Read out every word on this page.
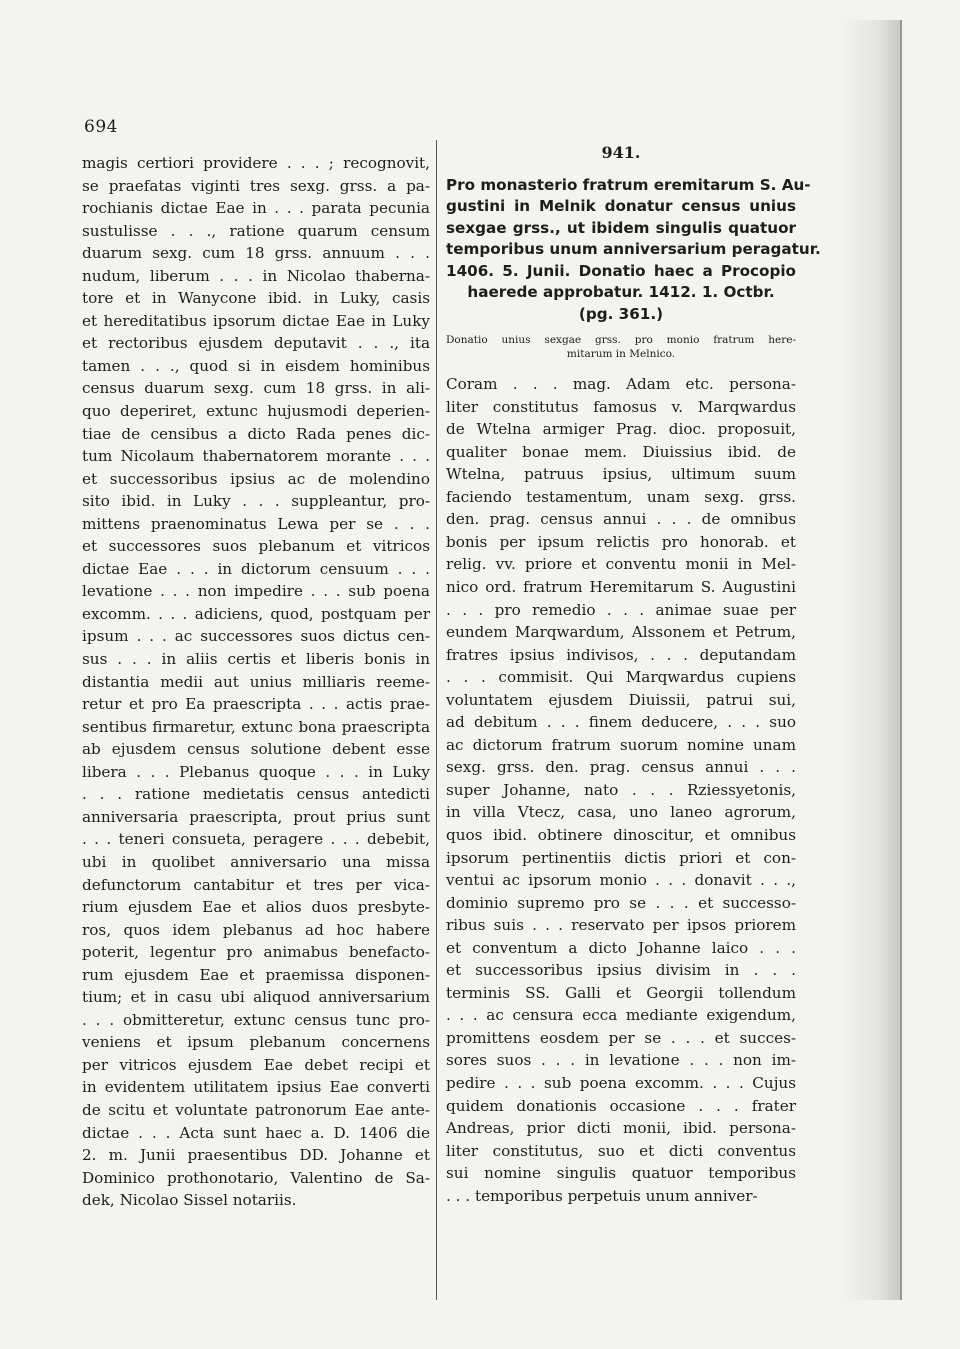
694
magis certiori providere . . . ; recognovit,
se praefatas viginti tres sexg. grss. a pa-
rochianis dictae Eae in . . . parata pecunia
sustulisse . . ., ratione quarum censum
duarum sexg. cum 18 grss. annuum . . .
nudum, liberum . . . in Nicolao thaberna-
tore et in Wanycone ibid. in Luky, casis
et hereditatibus ipsorum dictae Eae in Luky
et rectoribus ejusdem deputavit . . ., ita
tamen . . ., quod si in eisdem hominibus
census duarum sexg. cum 18 grss. in ali-
quo deperiret, extunc hujusmodi deperien-
tiae de censibus a dicto Rada penes dic-
tum Nicolaum thabernatorem morante . . .
et successoribus ipsius ac de molendino
sito ibid. in Luky . . . suppleantur, pro-
mittens praenominatus Lewa per se . . .
et successores suos plebanum et vitricos
dictae Eae . . . in dictorum censuum . . .
levatione . . . non impedire . . . sub poena
excomm. . . . adiciens, quod, postquam per
ipsum . . . ac successores suos dictus cen-
sus . . . in aliis certis et liberis bonis in
distantia medii aut unius milliaris reeme-
retur et pro Ea praescripta . . . actis prae-
sentibus firmaretur, extunc bona praescripta
ab ejusdem census solutione debent esse
libera . . . Plebanus quoque . . . in Luky
. . . ratione medietatis census antedicti
anniversaria praescripta, prout prius sunt
. . . teneri consueta, peragere . . . debebit,
ubi in quolibet anniversario una missa
defunctorum cantabitur et tres per vica-
rium ejusdem Eae et alios duos presbyte-
ros, quos idem plebanus ad hoc habere
poterit, legentur pro animabus benefacto-
rum ejusdem Eae et praemissa disponen-
tium; et in casu ubi aliquod anniversarium
. . . obmitteretur, extunc census tunc pro-
veniens et ipsum plebanum concernens
per vitricos ejusdem Eae debet recipi et
in evidentem utilitatem ipsius Eae converti
de scitu et voluntate patronorum Eae ante-
dictae . . . Acta sunt haec a. D. 1406 die
2. m. Junii praesentibus DD. Johanne et
Dominico prothonotario, Valentino de Sa-
dek, Nicolao Sissel notariis.
941.
Pro monasterio fratrum eremitarum S. Au-
gustini in Melnik donatur census unius
sexgae grss., ut ibidem singulis quatuor
temporibus unum anniversarium peragatur.
1406. 5. Junii. Donatio haec a Procopio
haerede approbatur. 1412. 1. Octbr.
(pg. 361.)
Donatio unius sexgae grss. pro monio fratrum here-
mitarum in Melnico.
Coram . . . mag. Adam etc. persona-
liter constitutus famosus v. Marqwardus
de Wtelna armiger Prag. dioc. proposuit,
qualiter bonae mem. Diuissius ibid. de
Wtelna, patruus ipsius, ultimum suum
faciendo testamentum, unam sexg. grss.
den. prag. census annui . . . de omnibus
bonis per ipsum relictis pro honorab. et
relig. vv. priore et conventu monii in Mel-
nico ord. fratrum Heremitarum S. Augustini
. . . pro remedio . . . animae suae per
eundem Marqwardum, Alssonem et Petrum,
fratres ipsius indivisos, . . . deputandam
. . . commisit. Qui Marqwardus cupiens
voluntatem ejusdem Diuissii, patrui sui,
ad debitum . . . finem deducere, . . . suo
ac dictorum fratrum suorum nomine unam
sexg. grss. den. prag. census annui . . .
super Johanne, nato . . . Rziessyetonis,
in villa Vtecz, casa, uno laneo agrorum,
quos ibid. obtinere dinoscitur, et omnibus
ipsorum pertinentiis dictis priori et con-
ventui ac ipsorum monio . . . donavit . . .,
dominio supremo pro se . . . et successo-
ribus suis . . . reservato per ipsos priorem
et conventum a dicto Johanne laico . . .
et successoribus ipsius divisim in . . .
terminis SS. Galli et Georgii tollendum
. . . ac censura ecca mediante exigendum,
promittens eosdem per se . . . et succes-
sores suos . . . in levatione . . . non im-
pedire . . . sub poena excomm. . . . Cujus
quidem donationis occasione . . . frater
Andreas, prior dicti monii, ibid. persona-
liter constitutus, suo et dicti conventus
sui nomine singulis quatuor temporibus
. . . temporibus perpetuis unum anniver-
